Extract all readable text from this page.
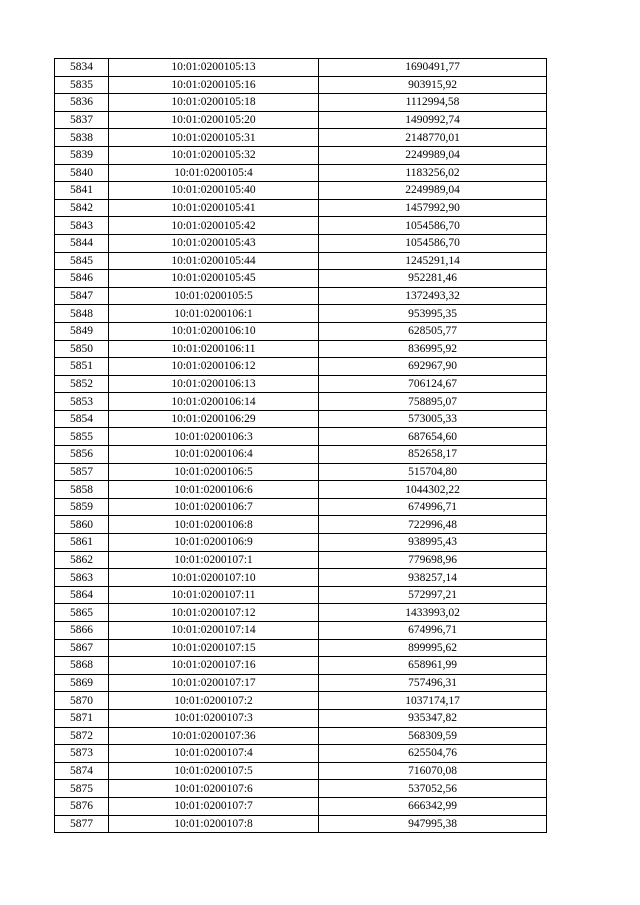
5834	10:01:0200105:13	1690491,77
5835	10:01:0200105:16	903915,92
5836	10:01:0200105:18	1112994,58
5837	10:01:0200105:20	1490992,74
5838	10:01:0200105:31	2148770,01
5839	10:01:0200105:32	2249989,04
5840	10:01:0200105:4	1183256,02
5841	10:01:0200105:40	2249989,04
5842	10:01:0200105:41	1457992,90
5843	10:01:0200105:42	1054586,70
5844	10:01:0200105:43	1054586,70
5845	10:01:0200105:44	1245291,14
5846	10:01:0200105:45	952281,46
5847	10:01:0200105:5	1372493,32
5848	10:01:0200106:1	953995,35
5849	10:01:0200106:10	628505,77
5850	10:01:0200106:11	836995,92
5851	10:01:0200106:12	692967,90
5852	10:01:0200106:13	706124,67
5853	10:01:0200106:14	758895,07
5854	10:01:0200106:29	573005,33
5855	10:01:0200106:3	687654,60
5856	10:01:0200106:4	852658,17
5857	10:01:0200106:5	515704,80
5858	10:01:0200106:6	1044302,22
5859	10:01:0200106:7	674996,71
5860	10:01:0200106:8	722996,48
5861	10:01:0200106:9	938995,43
5862	10:01:0200107:1	779698,96
5863	10:01:0200107:10	938257,14
5864	10:01:0200107:11	572997,21
5865	10:01:0200107:12	1433993,02
5866	10:01:0200107:14	674996,71
5867	10:01:0200107:15	899995,62
5868	10:01:0200107:16	658961,99
5869	10:01:0200107:17	757496,31
5870	10:01:0200107:2	1037174,17
5871	10:01:0200107:3	935347,82
5872	10:01:0200107:36	568309,59
5873	10:01:0200107:4	625504,76
5874	10:01:0200107:5	716070,08
5875	10:01:0200107:6	537052,56
5876	10:01:0200107:7	666342,99
5877	10:01:0200107:8	947995,38
